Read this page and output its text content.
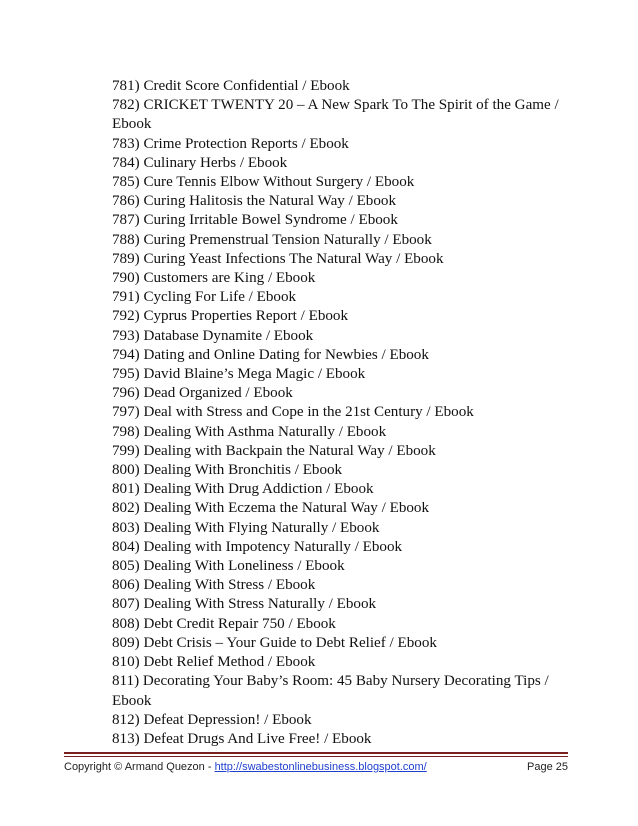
781) Credit Score Confidential / Ebook
782) CRICKET TWENTY 20 – A New Spark To The Spirit of the Game / Ebook
783) Crime Protection Reports / Ebook
784) Culinary Herbs / Ebook
785) Cure Tennis Elbow Without Surgery / Ebook
786) Curing Halitosis the Natural Way / Ebook
787) Curing Irritable Bowel Syndrome / Ebook
788) Curing Premenstrual Tension Naturally / Ebook
789) Curing Yeast Infections The Natural Way / Ebook
790) Customers are King / Ebook
791) Cycling For Life / Ebook
792) Cyprus Properties Report / Ebook
793) Database Dynamite / Ebook
794) Dating and Online Dating for Newbies / Ebook
795) David Blaine’s Mega Magic / Ebook
796) Dead Organized / Ebook
797) Deal with Stress and Cope in the 21st Century / Ebook
798) Dealing With Asthma Naturally / Ebook
799) Dealing with Backpain the Natural Way / Ebook
800) Dealing With Bronchitis / Ebook
801) Dealing With Drug Addiction / Ebook
802) Dealing With Eczema the Natural Way / Ebook
803) Dealing With Flying Naturally / Ebook
804) Dealing with Impotency Naturally / Ebook
805) Dealing With Loneliness / Ebook
806) Dealing With Stress / Ebook
807) Dealing With Stress Naturally / Ebook
808) Debt Credit Repair 750 / Ebook
809) Debt Crisis – Your Guide to Debt Relief / Ebook
810) Debt Relief Method / Ebook
811) Decorating Your Baby’s Room: 45 Baby Nursery Decorating Tips / Ebook
812) Defeat Depression! / Ebook
813) Defeat Drugs And Live Free! / Ebook
Copyright © Armand Quezon - http://swabestonlinebusiness.blogspot.com/	Page 25
